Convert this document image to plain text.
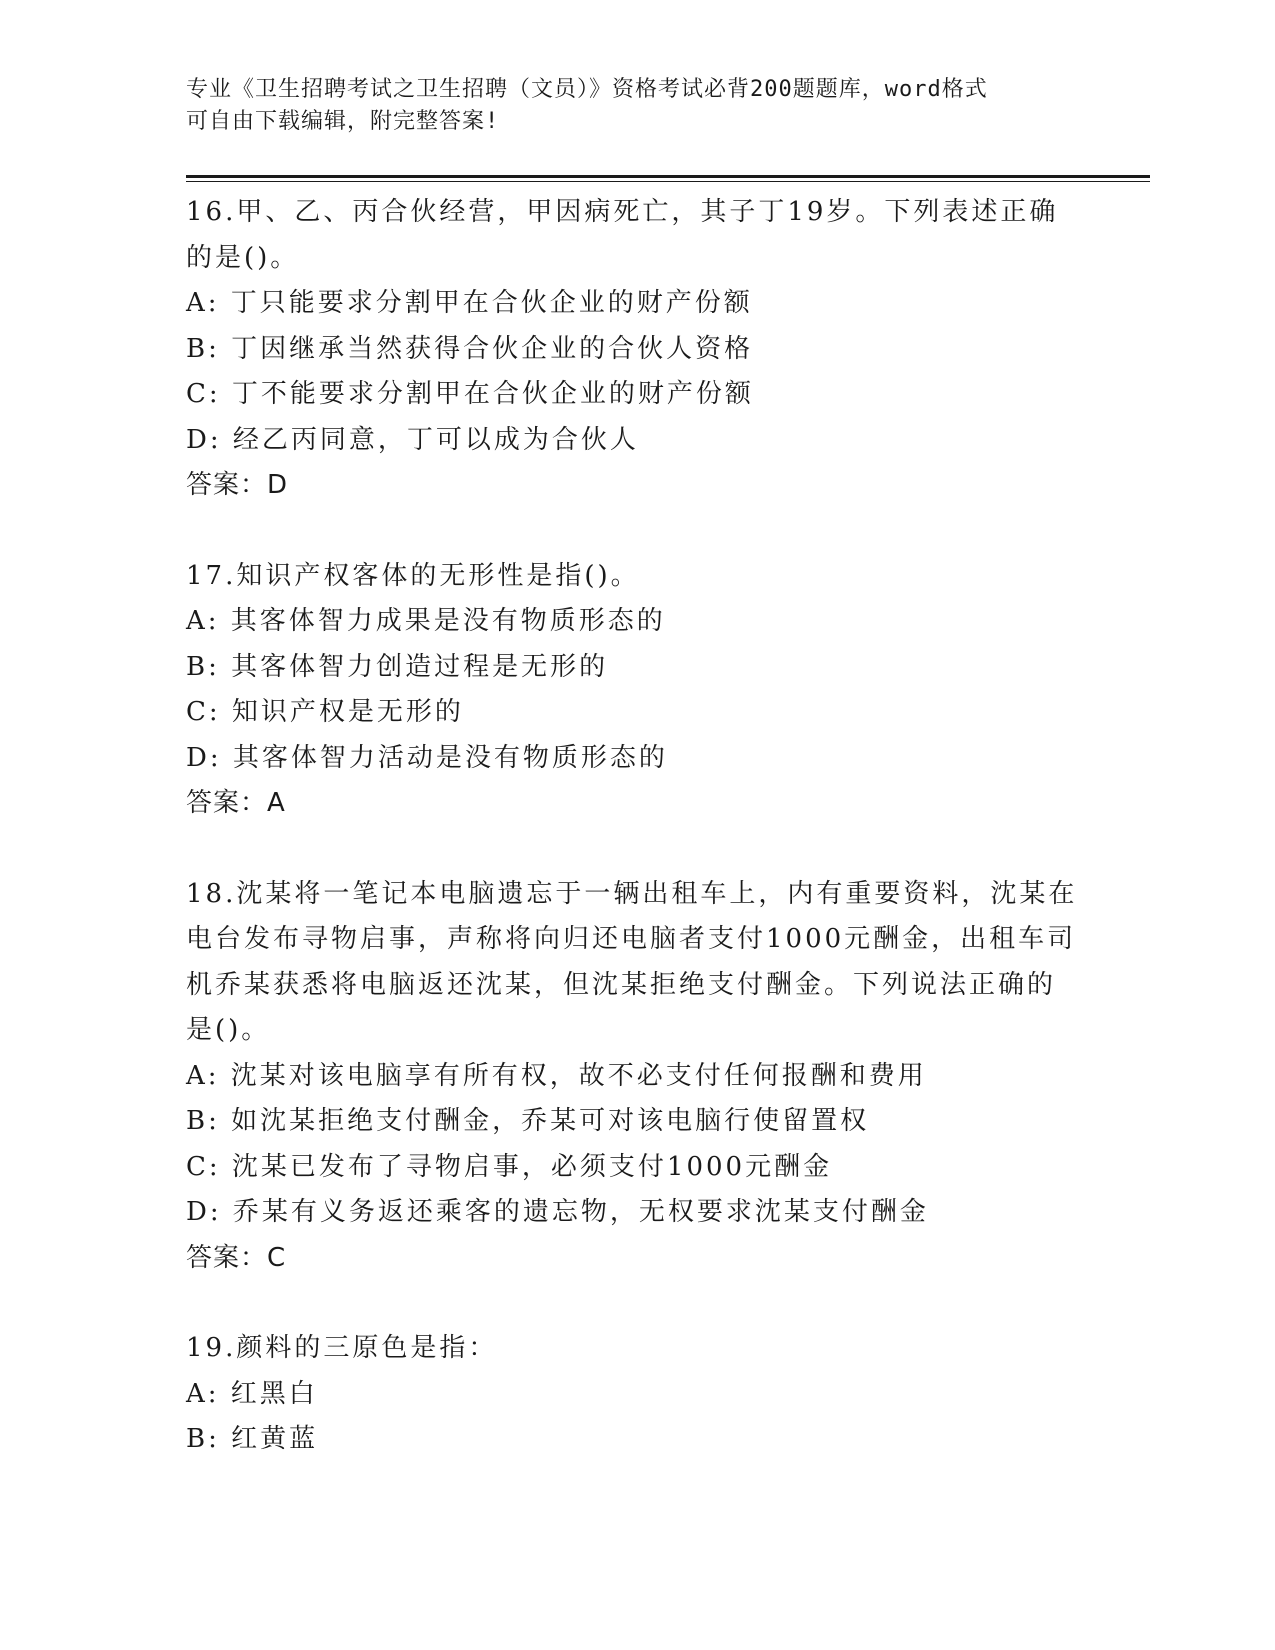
专业《卫生招聘考试之卫生招聘（文员）》资格考试必背200题题库，word格式
可自由下载编辑，附完整答案!
16.甲、乙、丙合伙经营，甲因病死亡，其子丁19岁。下列表述正确
的是()。
A: 丁只能要求分割甲在合伙企业的财产份额
B: 丁因继承当然获得合伙企业的合伙人资格
C: 丁不能要求分割甲在合伙企业的财产份额
D: 经乙丙同意，丁可以成为合伙人
答案：D
17.知识产权客体的无形性是指()。
A: 其客体智力成果是没有物质形态的
B: 其客体智力创造过程是无形的
C: 知识产权是无形的
D: 其客体智力活动是没有物质形态的
答案：A
18.沈某将一笔记本电脑遗忘于一辆出租车上，内有重要资料，沈某在
电台发布寻物启事，声称将向归还电脑者支付1000元酬金，出租车司
机乔某获悉将电脑返还沈某，但沈某拒绝支付酬金。下列说法正确的
是()。
A: 沈某对该电脑享有所有权，故不必支付任何报酬和费用
B: 如沈某拒绝支付酬金，乔某可对该电脑行使留置权
C: 沈某已发布了寻物启事，必须支付1000元酬金
D: 乔某有义务返还乘客的遗忘物，无权要求沈某支付酬金
答案：C
19.颜料的三原色是指：
A: 红黑白
B: 红黄蓝
